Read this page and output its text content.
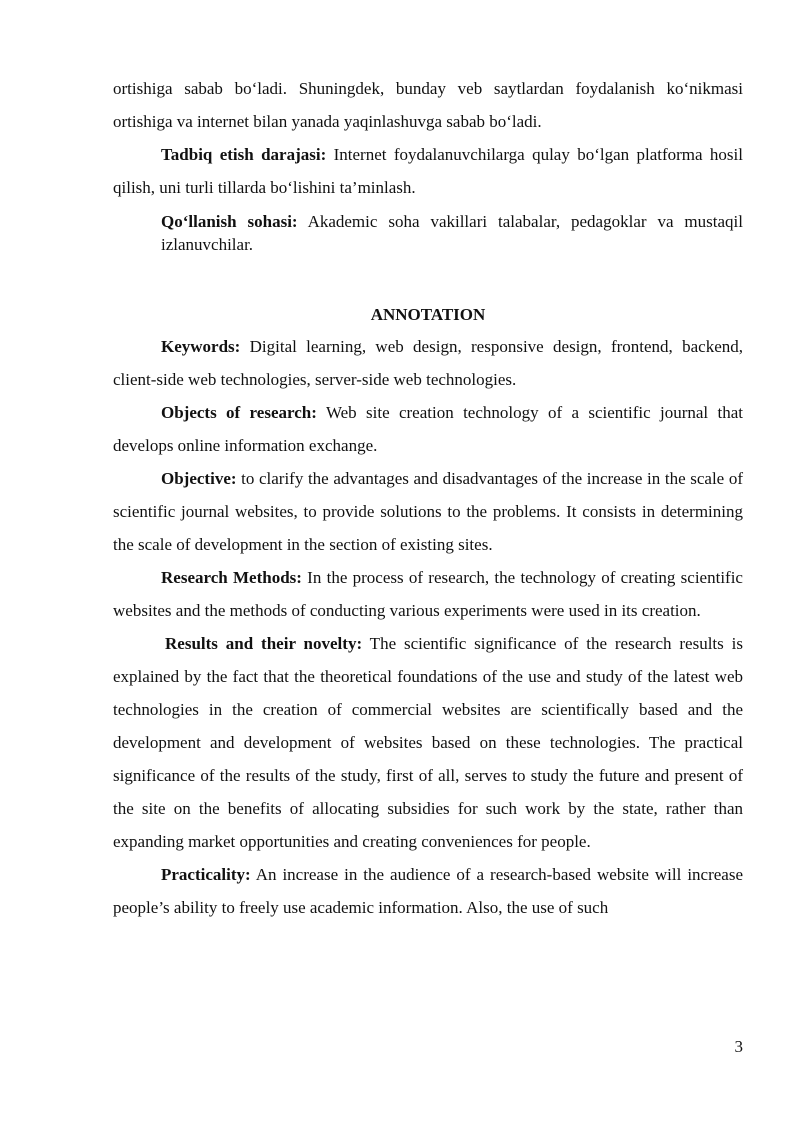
ortishiga sabab bo‘ladi. Shuningdek, bunday veb saytlardan foydalanish ko‘nikmasi ortishiga va internet bilan yanada yaqinlashuvga sabab bo‘ladi.

Tadbiq etish darajasi: Internet foydalanuvchilarga qulay bo‘lgan platforma hosil qilish, uni turli tillarda bo‘lishini ta’minlash.

Qo‘llanish sohasi: Akademic soha vakillari talabalar, pedagoklar va mustaqil izlanuvchilar.

ANNOTATION

Keywords: Digital learning, web design, responsive design, frontend, backend, client-side web technologies, server-side web technologies.

Objects of research: Web site creation technology of a scientific journal that develops online information exchange.

Objective: to clarify the advantages and disadvantages of the increase in the scale of scientific journal websites, to provide solutions to the problems. It consists in determining the scale of development in the section of existing sites.

Research Methods: In the process of research, the technology of creating scientific websites and the methods of conducting various experiments were used in its creation.

Results and their novelty: The scientific significance of the research results is explained by the fact that the theoretical foundations of the use and study of the latest web technologies in the creation of commercial websites are scientifically based and the development and development of websites based on these technologies. The practical significance of the results of the study, first of all, serves to study the future and present of the site on the benefits of allocating subsidies for such work by the state, rather than expanding market opportunities and creating conveniences for people.

Practicality: An increase in the audience of a research-based website will increase people’s ability to freely use academic information. Also, the use of such

3
